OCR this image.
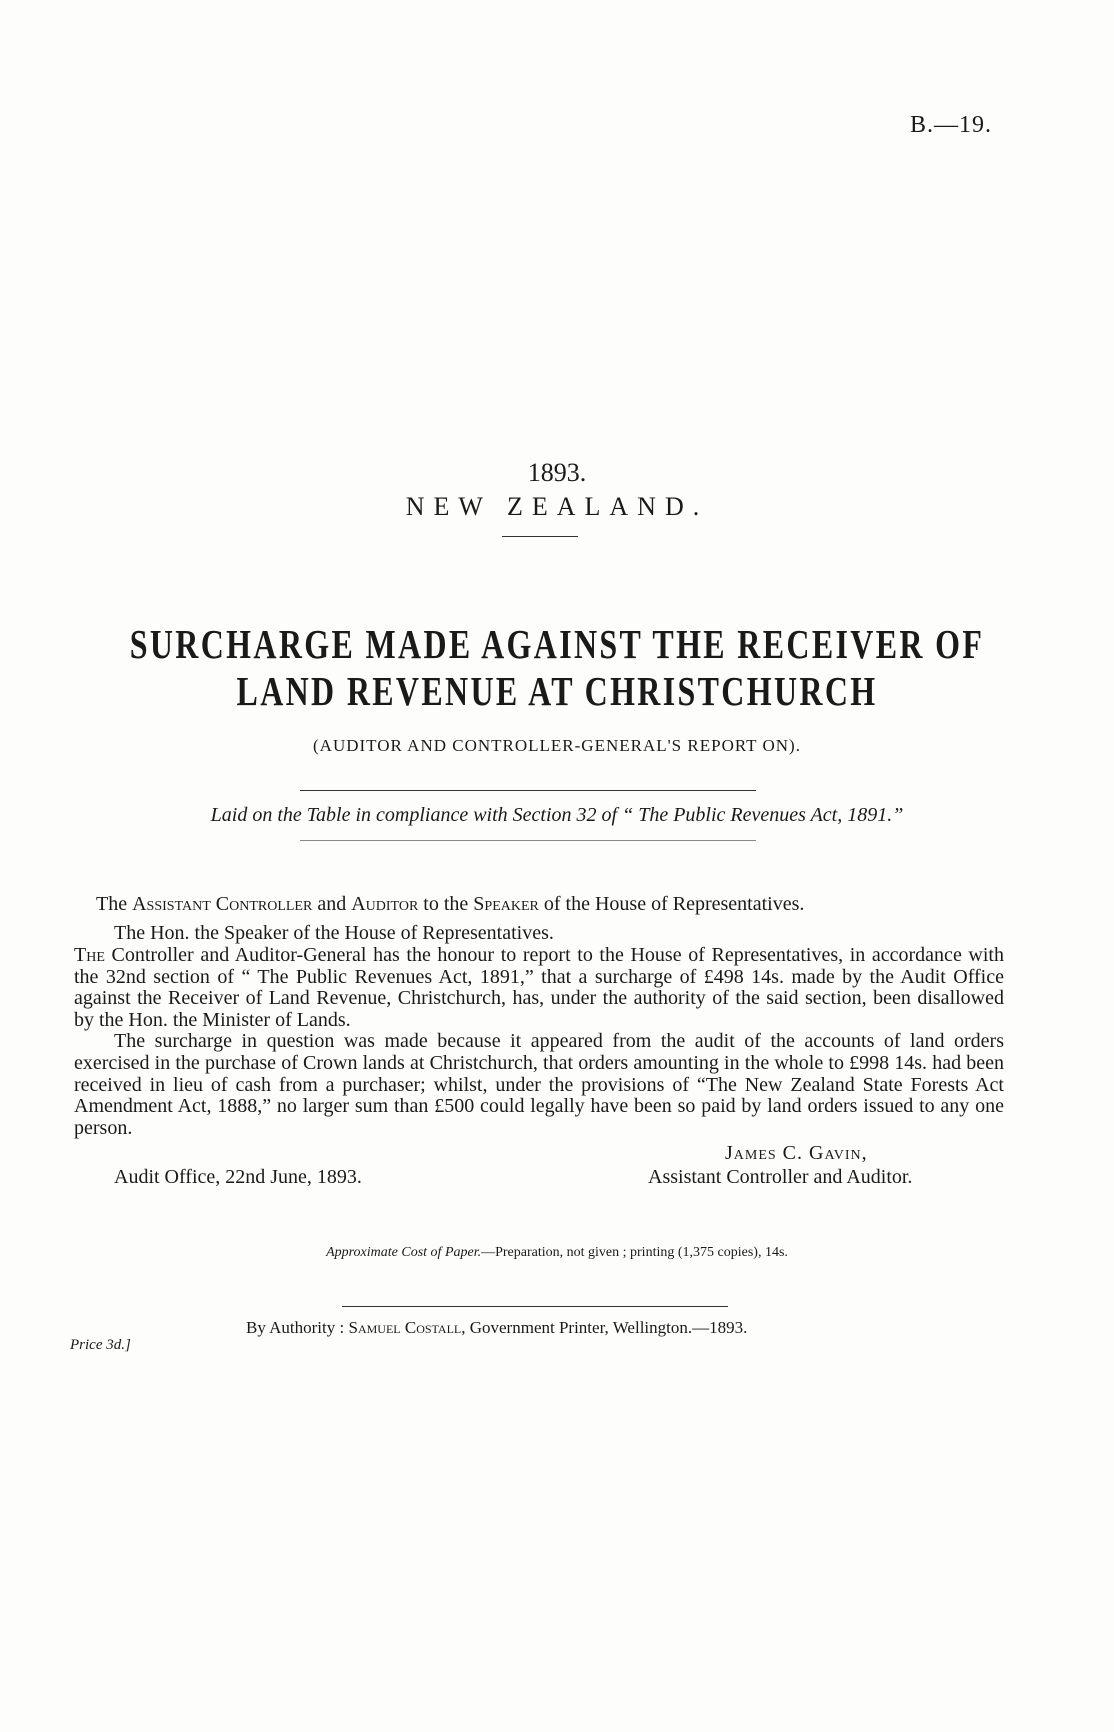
B.—19.
1893.
NEW ZEALAND.
SURCHARGE MADE AGAINST THE RECEIVER OF
LAND REVENUE AT CHRISTCHURCH
(AUDITOR AND CONTROLLER-GENERAL'S REPORT ON).
Laid on the Table in compliance with Section 32 of “ The Public Revenues Act, 1891.”
The Assistant Controller and Auditor to the Speaker of the House of Representatives.
The Hon. the Speaker of the House of Representatives.

The Controller and Auditor-General has the honour to report to the House of Representatives, in accordance with the 32nd section of “ The Public Revenues Act, 1891,” that a surcharge of £498 14s. made by the Audit Office against the Receiver of Land Revenue, Christchurch, has, under the authority of the said section, been disallowed by the Hon. the Minister of Lands.

The surcharge in question was made because it appeared from the audit of the accounts of land orders exercised in the purchase of Crown lands at Christchurch, that orders amounting in the whole to £998 14s. had been received in lieu of cash from a purchaser; whilst, under the provisions of “The New Zealand State Forests Act Amendment Act, 1888,” no larger sum than £500 could legally have been so paid by land orders issued to any one person.

James C. Gavin,
Audit Office, 22nd June, 1893.	Assistant Controller and Auditor.
Approximate Cost of Paper.—Preparation, not given ; printing (1,375 copies), 14s.
By Authority : Samuel Costall, Government Printer, Wellington.—1893.
Price 3d.]
